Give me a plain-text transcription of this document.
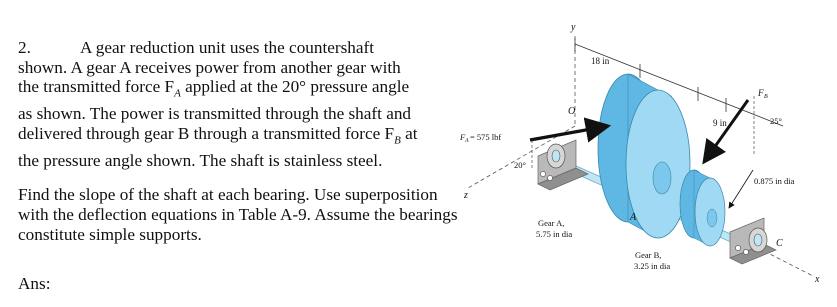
2.	A gear reduction unit uses the countershaft
shown. A gear A receives power from another gear with
the transmitted force $F_A$ applied at the 20° pressure angle
as shown. The power is transmitted through the shaft and
delivered through gear B through a transmitted force $F_B$ at
the pressure angle shown. The shaft is stainless steel.
Find the slope of the shaft at each bearing. Use superposition with the deflection equations in Table A-9. Assume the bearings constitute simple supports.
Ans:
y
z
x
O
18 in
9 in
A
C
F A = 575 lbf
20°
F B
25°
0.875 in dia
Gear A,
5.75 in dia
Gear B,
3.25 in dia
